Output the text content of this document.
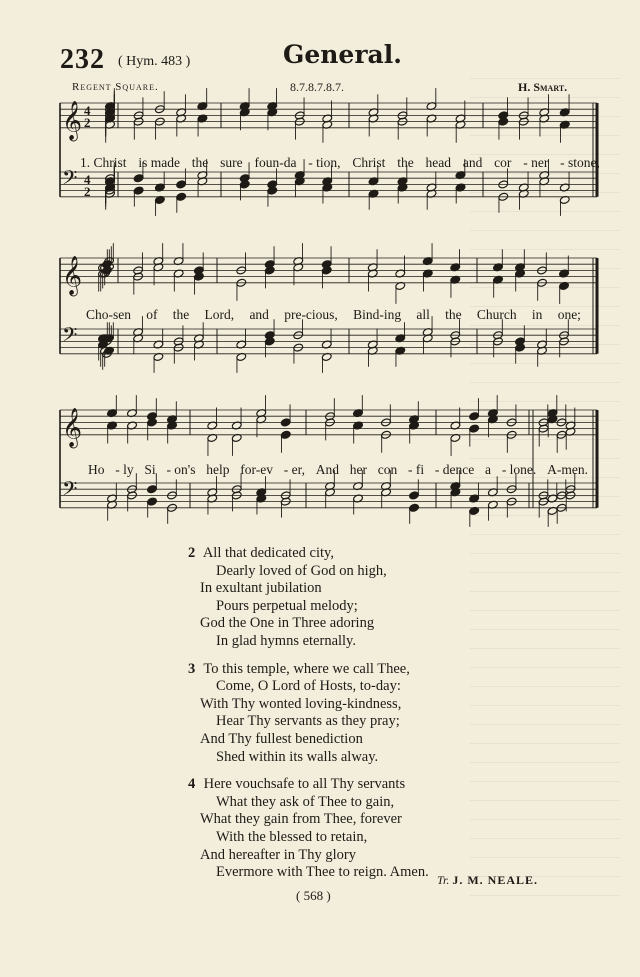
232 ( Hym. 483 )	General.
Regent Square.	8.7.8.7.8.7.	H. Smart.
𝄞 4
2
𝄢 4
2
𝄞
𝄢
𝄞
𝄢
1. Christ is made the sure foun-da - tion, Christ the head and cor - ner - stone,
Cho-sen of the Lord, and pre-cious, Bind-ing all the Church in one;
Ho - ly Si - on's help for-ev - er, And her con - fi - dence a - lone. A-men.
2 All that dedicated city,
Dearly loved of God on high,
In exultant jubilation
Pours perpetual melody;
God the One in Three adoring
In glad hymns eternally.
3 To this temple, where we call Thee,
Come, O Lord of Hosts, to-day:
With Thy wonted loving-kindness,
Hear Thy servants as they pray;
And Thy fullest benediction
Shed within its walls alway.
4 Here vouchsafe to all Thy servants
What they ask of Thee to gain,
What they gain from Thee, forever
With the blessed to retain,
And hereafter in Thy glory
Evermore with Thee to reign. Amen. Tr. J. M. NEALE.
( 568 )
